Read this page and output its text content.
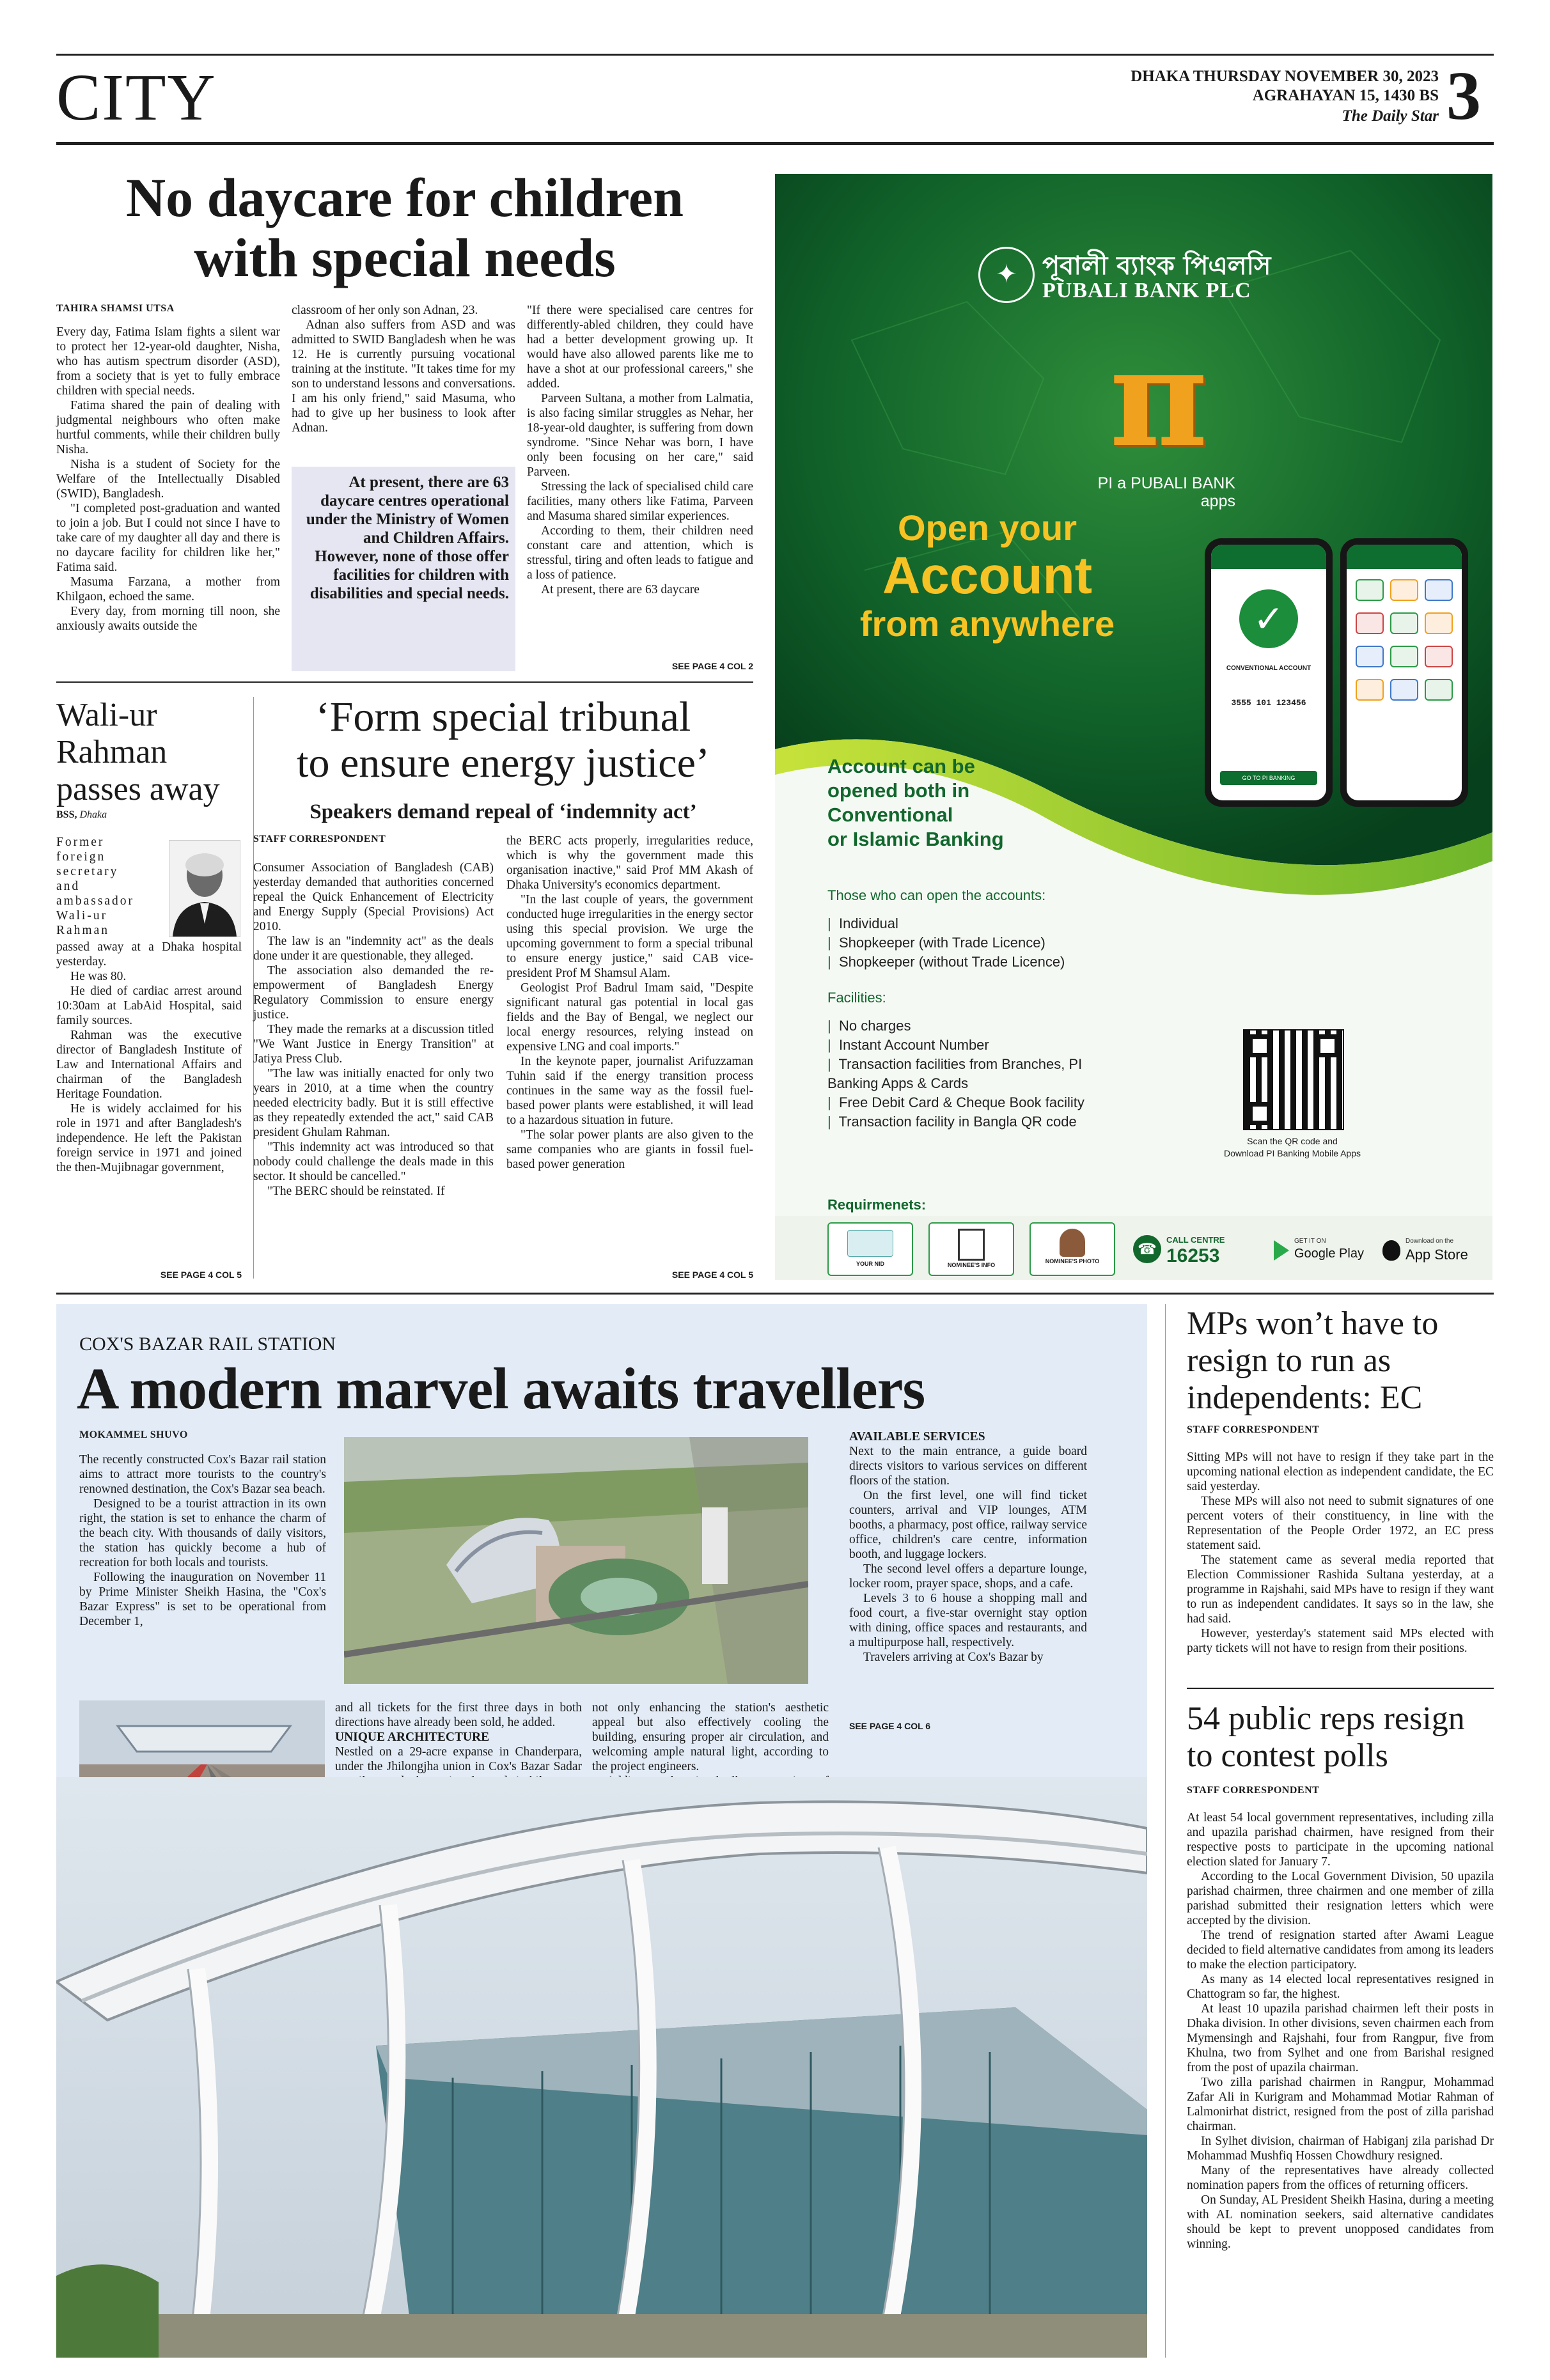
CITY	DHAKA THURSDAY NOVEMBER 30, 2023
AGRAHAYAN 15, 1430 BS
The Daily Star 3
No daycare for children
with special needs
TAHIRA SHAMSI UTSA

Every day, Fatima Islam fights a silent war to protect her 12-year-old daughter, Nisha, who has autism spectrum disorder (ASD), from a society that is yet to fully embrace children with special needs.

Fatima shared the pain of dealing with judgmental neighbours who often make hurtful comments, while their children bully Nisha.

Nisha is a student of Society for the Welfare of the Intellectually Disabled (SWID), Bangladesh.

"I completed post-graduation and wanted to join a job. But I could not since I have to take care of my daughter all day and there is no daycare facility for children like her," Fatima said.

Masuma Farzana, a mother from Khilgaon, echoed the same.

Every day, from morning till noon, she anxiously awaits outside the

classroom of her only son Adnan, 23.

Adnan also suffers from ASD and was admitted to SWID Bangladesh when he was 12. He is currently pursuing vocational training at the institute. "It takes time for my son to understand lessons and conversations. I am his only friend," said Masuma, who had to give up her business to look after Adnan.

At present, there are 63 daycare centres operational under the Ministry of Women and Children Affairs. However, none of those offer facilities for children with disabilities and special needs.

"If there were specialised care centres for differently-abled children, they could have had a better development growing up. It would have also allowed parents like me to have a shot at our professional careers," she added.

Parveen Sultana, a mother from Lalmatia, is also facing similar struggles as Nehar, her 18-year-old daughter, is suffering from down syndrome. "Since Nehar was born, I have only been focusing on her care," said Parveen.

Stressing the lack of specialised child care facilities, many others like Fatima, Parveen and Masuma shared similar experiences.

According to them, their children need constant care and attention, which is stressful, tiring and often leads to fatigue and a loss of patience.

At present, there are 63 daycare

SEE PAGE 4 COL 2
Wali-ur
Rahman
passes away
BSS, Dhaka
Former
foreign
secretary
and
ambassador
Wali-ur
Rahman

passed away at a Dhaka hospital yesterday.

He was 80.

He died of cardiac arrest around 10:30am at LabAid Hospital, said family sources.

Rahman was the executive director of Bangladesh Institute of Law and International Affairs and chairman of the Bangladesh Heritage Foundation.

He is widely acclaimed for his role in 1971 and after Bangladesh's independence. He left the Pakistan foreign service in 1971 and joined the then-Mujibnagar government,

SEE PAGE 4 COL 5
‘Form special tribunal
to ensure energy justice’
Speakers demand repeal of ‘indemnity act’
STAFF CORRESPONDENT

Consumer Association of Bangladesh (CAB) yesterday demanded that authorities concerned repeal the Quick Enhancement of Electricity and Energy Supply (Special Provisions) Act 2010.

The law is an "indemnity act" as the deals done under it are questionable, they alleged.

The association also demanded the re-empowerment of Bangladesh Energy Regulatory Commission to ensure energy justice.

They made the remarks at a discussion titled "We Want Justice in Energy Transition" at Jatiya Press Club.

"The law was initially enacted for only two years in 2010, at a time when the country needed electricity badly. But it is still effective as they repeatedly extended the act," said CAB president Ghulam Rahman.

"This indemnity act was introduced so that nobody could challenge the deals made in this sector. It should be cancelled."

"The BERC should be reinstated. If

the BERC acts properly, irregularities reduce, which is why the government made this organisation inactive," said Prof MM Akash of Dhaka University's economics department.

"In the last couple of years, the government conducted huge irregularities in the energy sector using this special provision. We urge the upcoming government to form a special tribunal to ensure energy justice," said CAB vice-president Prof M Shamsul Alam.

Geologist Prof Badrul Imam said, "Despite significant natural gas potential in local gas fields and the Bay of Bengal, we neglect our local energy resources, relying instead on expensive LNG and coal imports."

In the keynote paper, journalist Arifuzzaman Tuhin said if the energy transition process continues in the same way as the fossil fuel-based power plants were established, it will lead to a hazardous situation in future.

"The solar power plants are also given to the same companies who are giants in fossil fuel-based power generation

SEE PAGE 4 COL 5
✦ পূবালী ব্যাংক পিএলসি
PUBALI BANK PLC
π
PI a PUBALI BANK
apps
Open your
Account
from anywhere	✓
CONVENTIONAL ACCOUNT
3555 101 123456
GO TO PI BANKING
Account can be
opened both in
Conventional
or Islamic Banking
Those who can open the accounts:
|  Individual
|  Shopkeeper (with Trade Licence)
|  Shopkeeper (without Trade Licence)
Facilities:
|  No charges
|  Instant Account Number
|  Transaction facilities from Branches, PI Banking Apps & Cards
|  Free Debit Card & Cheque Book facility
|  Transaction facility in Bangla QR code
Scan the QR code and
Download PI Banking Mobile Apps
Requirmenets:
YOUR NID	NOMINEE'S INFO
NOMINEE'S PHOTO
☎
CALL CENTRE
16253
GET IT ON
Google Play
Download on the
App Store
COX'S BAZAR RAIL STATION
A modern marvel awaits travellers
MOKAMMEL SHUVO

The recently constructed Cox's Bazar rail station aims to attract more tourists to the country's renowned destination, the Cox's Bazar sea beach.

Designed to be a tourist attraction in its own right, the station is set to enhance the charm of the beach city. With thousands of daily visitors, the station has quickly become a hub of recreation for both locals and tourists.

Following the inauguration on November 11 by Prime Minister Sheikh Hasina, the "Cox's Bazar Express" is set to be operational from December 1,

and all tickets for the first three days in both directions have already been sold, he added.

UNIQUE ARCHITECTURE

Nestled on a 29-acre expanse in Chanderpara, under the Jhilongjha union in Cox's Bazar Sadar

not only enhancing the station's aesthetic appeal but also effectively cooling the building, ensuring proper air circulation, and welcoming ample natural light, according to the project engineers.

AVAILABLE SERVICES

Next to the main entrance, a guide board directs visitors to various services on different floors of the station.

On the first level, one will find ticket counters, arrival and VIP lounges, ATM booths, a pharmacy, post office, railway service office, children's care centre, information booth, and luggage lockers.

The second level offers a departure lounge, locker room, prayer space, shops, and a cafe.

Levels 3 to 6 house a shopping mall and food court, a five-star overnight stay option with dining, office spaces and restaurants, and a multipurpose hall, respectively.

Travelers arriving at Cox's Bazar by

SEE PAGE 4 COL 6
MPs won’t have to
resign to run as
independents: EC
STAFF CORRESPONDENT

Sitting MPs will not have to resign if they take part in the upcoming national election as independent candidate, the EC said yesterday.

These MPs will also not need to submit signatures of one percent voters of their constituency, in line with the Representation of the People Order 1972, an EC press statement said.

The statement came as several media reported that Election Commissioner Rashida Sultana yesterday, at a programme in Rajshahi, said MPs have to resign if they want to run as independent candidates. It says so in the law, she had said.

However, yesterday's statement said MPs elected with party tickets will not have to resign from their positions.

54 public reps resign
to contest polls
STAFF CORRESPONDENT

At least 54 local government representatives, including zilla and upazila parishad chairmen, have resigned from their respective posts to participate in the upcoming national election slated for January 7.

According to the Local Government Division, 50 upazila parishad chairmen, three chairmen and one member of zilla parishad submitted their resignation letters which were accepted by the division.

The trend of resignation started after Awami League decided to field alternative candidates from among its leaders to make the election participatory.

As many as 14 elected local representatives resigned in Chattogram so far, the highest.

At least 10 upazila parishad chairmen left their posts in Dhaka division. In other divisions, seven chairmen each from Mymensingh and Rajshahi, four from Rangpur, five from Khulna, two from Sylhet and one from Barishal resigned from the post of upazila chairman.

Two zilla parishad chairmen in Rangpur, Mohammad Zafar Ali in Kurigram and Mohammad Motiar Rahman of Lalmonirhat district, resigned from the post of zilla parishad chairman.

In Sylhet division, chairman of Habiganj zila parishad Dr Mohammad Mushfiq Hossen Chowdhury resigned.

Many of the representatives have already collected nomination papers from the offices of returning officers.

On Sunday, AL President Sheikh Hasina, during a meeting with AL nomination seekers, said alternative candidates should be kept to prevent unopposed candidates from winning.
